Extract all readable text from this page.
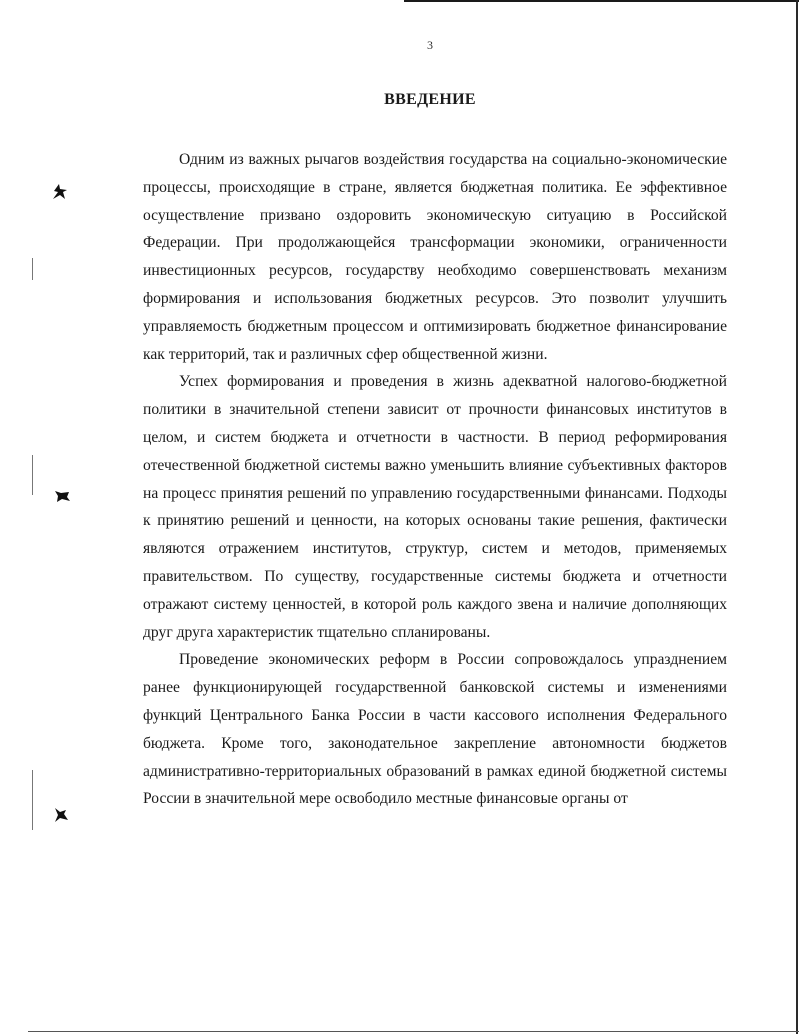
3
ВВЕДЕНИЕ

Одним из важных рычагов воздействия государства на социально-экономические процессы, происходящие в стране, является бюджетная политика. Ее эффективное осуществление призвано оздоровить экономическую ситуацию в Российской Федерации. При продолжающейся трансформации экономики, ограниченности инвестиционных ресурсов, государству необходимо совершенствовать механизм формирования и использования бюджетных ресурсов. Это позволит улучшить управляемость бюджетным процессом и оптимизировать бюджетное финансирование как территорий, так и различных сфер общественной жизни.

Успех формирования и проведения в жизнь адекватной налогово-бюджетной политики в значительной степени зависит от прочности финансовых институтов в целом, и систем бюджета и отчетности в частности. В период реформирования отечественной бюджетной системы важно уменьшить влияние субъективных факторов на процесс принятия решений по управлению государственными финансами. Подходы к принятию решений и ценности, на которых основаны такие решения, фактически являются отражением институтов, структур, систем и методов, применяемых правительством. По существу, государственные системы бюджета и отчетности отражают систему ценностей, в которой роль каждого звена и наличие дополняющих друг друга характеристик тщательно спланированы.

Проведение экономических реформ в России сопровождалось упразднением ранее функционирующей государственной банковской системы и изменениями функций Центрального Банка России в части кассового исполнения Федерального бюджета. Кроме того, законодательное закрепление автономности бюджетов административно-территориальных образований в рамках единой бюджетной системы России в значительной мере освободило местные финансовые органы от
